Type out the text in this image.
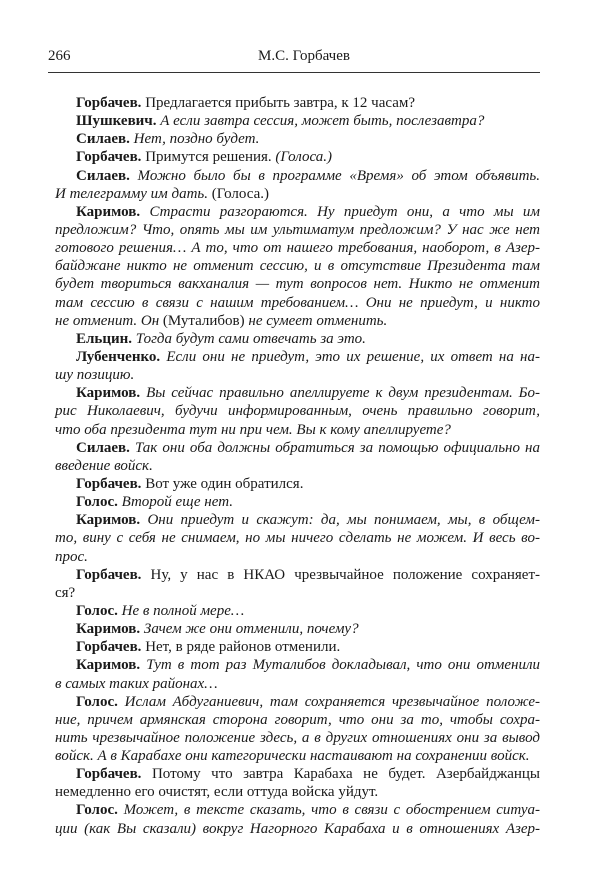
266	М.С. Горбачев
Горбачев. Предлагается прибыть завтра, к 12 часам?
Шушкевич. А если завтра сессия, может быть, послезавтра?
Силаев. Нет, поздно будет.
Горбачев. Примутся решения. (Голоса.)
Силаев. Можно было бы в программе «Время» об этом объявить.
И телеграмму им дать. (Голоса.)
Каримов. Страсти разгораются. Ну приедут они, а что мы им
предложим? Что, опять мы им ультиматум предложим? У нас же нет
готового решения… А то, что от нашего требования, наоборот, в Азер-
байджане никто не отменит сессию, и в отсутствие Президента там
будет твориться вакханалия — тут вопросов нет. Никто не отменит
там сессию в связи с нашим требованием… Они не приедут, и никто
не отменит. Он (Муталибов) не сумеет отменить.
Ельцин. Тогда будут сами отвечать за это.
Лубенченко. Если они не приедут, это их решение, их ответ на на-
шу позицию.
Каримов. Вы сейчас правильно апеллируете к двум президентам. Бо-
рис Николаевич, будучи информированным, очень правильно говорит,
что оба президента тут ни при чем. Вы к кому апеллируете?
Силаев. Так они оба должны обратиться за помощью официально на
введение войск.
Горбачев. Вот уже один обратился.
Голос. Второй еще нет.
Каримов. Они приедут и скажут: да, мы понимаем, мы, в общем-
то, вину с себя не снимаем, но мы ничего сделать не можем. И весь во-
прос.
Горбачев. Ну, у нас в НКАО чрезвычайное положение сохраняет-
ся?
Голос. Не в полной мере…
Каримов. Зачем же они отменили, почему?
Горбачев. Нет, в ряде районов отменили.
Каримов. Тут в тот раз Муталибов докладывал, что они отменили
в самых таких районах…
Голос. Ислам Абдуганиевич, там сохраняется чрезвычайное положе-
ние, причем армянская сторона говорит, что они за то, чтобы сохра-
нить чрезвычайное положение здесь, а в других отношениях они за вывод
войск. А в Карабахе они категорически настаивают на сохранении войск.
Горбачев. Потому что завтра Карабаха не будет. Азербайджанцы
немедленно его очистят, если оттуда войска уйдут.
Голос. Может, в тексте сказать, что в связи с обострением ситуа-
ции (как Вы сказали) вокруг Нагорного Карабаха и в отношениях Азер-
